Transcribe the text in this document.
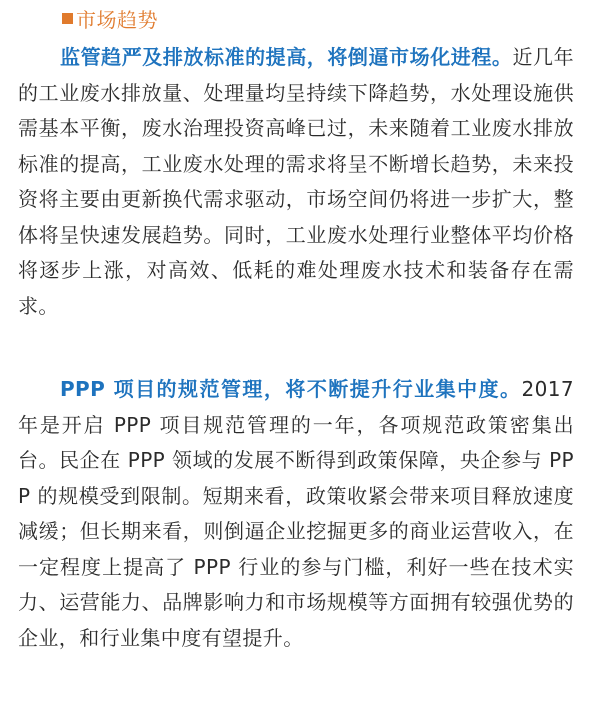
市场趋势

监管趋严及排放标准的提高，将倒逼市场化进程。近几年的工业废水排放量、处理量均呈持续下降趋势，水处理设施供需基本平衡，废水治理投资高峰已过，未来随着工业废水排放标准的提高，工业废水处理的需求将呈不断增长趋势，未来投资将主要由更新换代需求驱动，市场空间仍将进一步扩大，整体将呈快速发展趋势。同时，工业废水处理行业整体平均价格将逐步上涨，对高效、低耗的难处理废水技术和装备存在需求。

PPP 项目的规范管理，将不断提升行业集中度。2017 年是开启 PPP 项目规范管理的一年，各项规范政策密集出台。民企在 PPP 领域的发展不断得到政策保障，央企参与 PPP 的规模受到限制。短期来看，政策收紧会带来项目释放速度减缓；但长期来看，则倒逼企业挖掘更多的商业运营收入，在一定程度上提高了 PPP 行业的参与门槛，利好一些在技术实力、运营能力、品牌影响力和市场规模等方面拥有较强优势的企业，和行业集中度有望提升。
